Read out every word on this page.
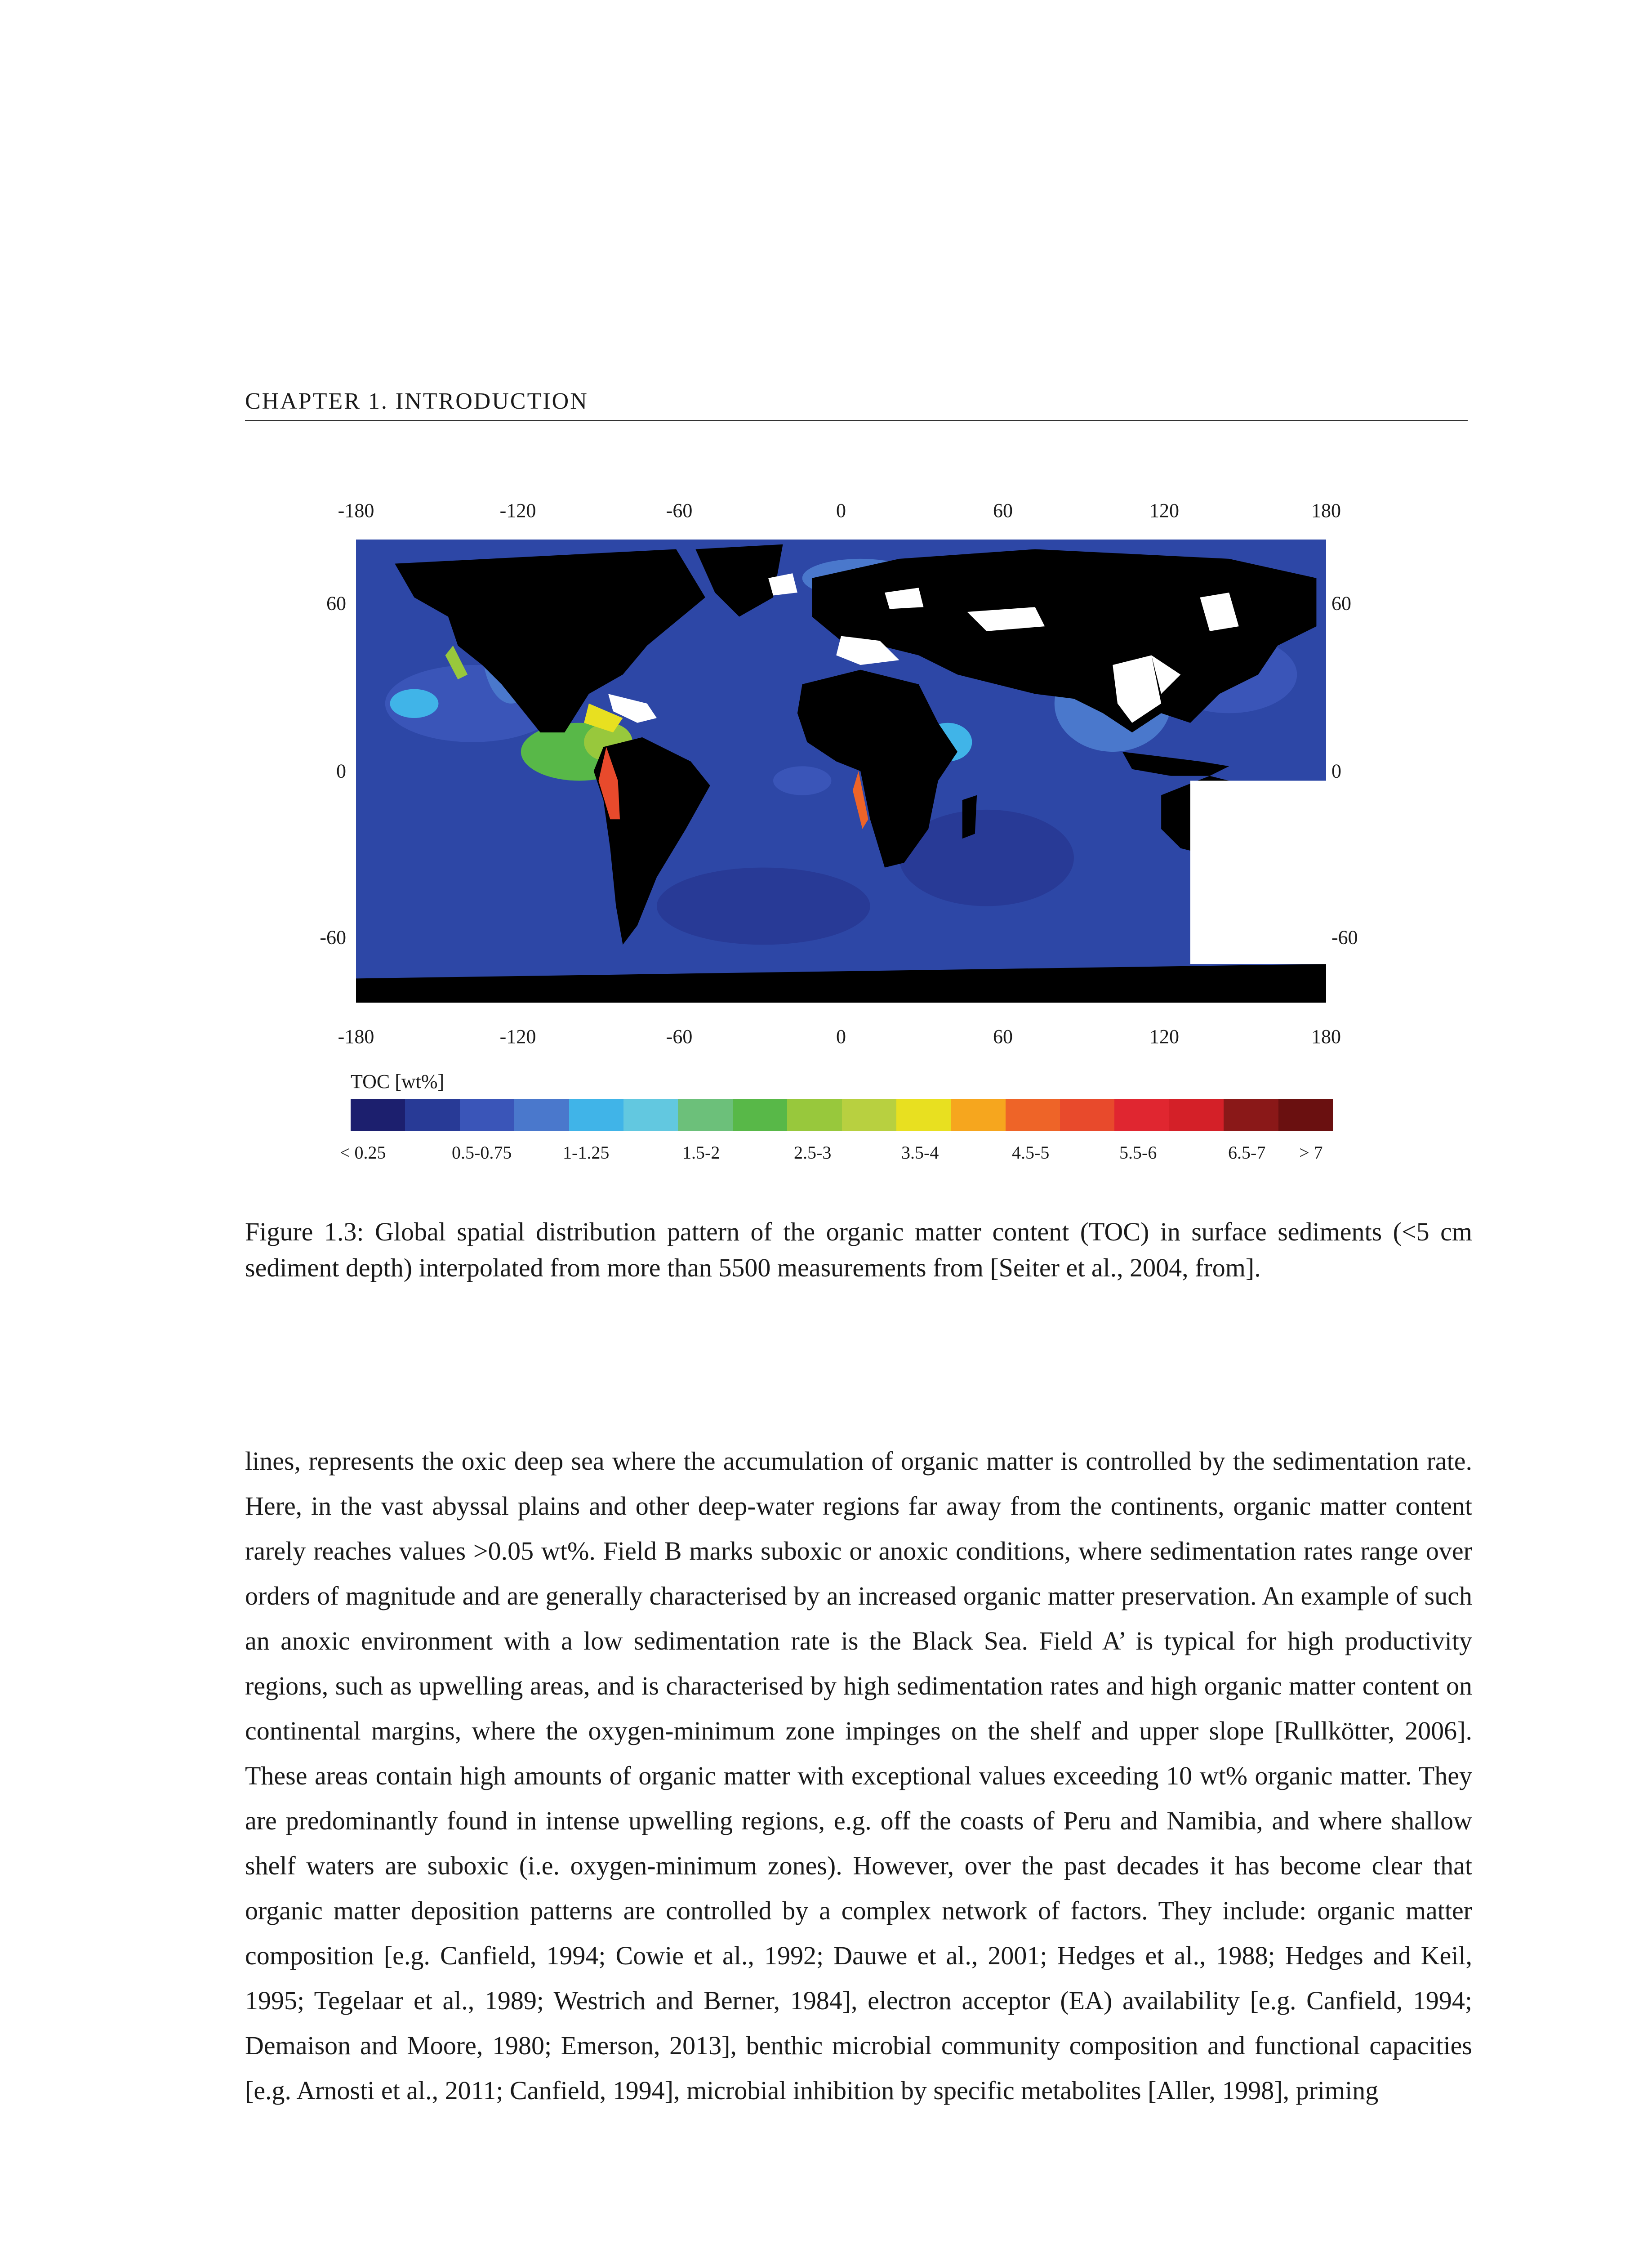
CHAPTER 1. INTRODUCTION
-180	-120	-60	0	60	120	180
60
0
-60
60
0
-60
-180	-120	-60	0	60	120	180
TOC [wt%]
< 0.25	0.5-0.75	1-1.25	1.5-2	2.5-3	3.5-4	4.5-5	5.5-6	6.5-7 > 7
Figure 1.3: Global spatial distribution pattern of the organic matter content (TOC) in surface sediments (<5 cm sediment depth) interpolated from more than 5500 measurements from [Seiter et al., 2004, from].
lines, represents the oxic deep sea where the accumulation of organic matter is controlled by the sedimentation rate. Here, in the vast abyssal plains and other deep-water regions far away from the continents, organic matter content rarely reaches values >0.05 wt%. Field B marks suboxic or anoxic conditions, where sedimentation rates range over orders of magnitude and are generally characterised by an increased organic matter preservation. An example of such an anoxic environment with a low sedimentation rate is the Black Sea. Field A’ is typical for high productivity regions, such as upwelling areas, and is characterised by high sedimentation rates and high organic matter content on continental margins, where the oxygen-minimum zone impinges on the shelf and upper slope [Rullkötter, 2006]. These areas contain high amounts of organic matter with exceptional values exceeding 10 wt% organic matter. They are predominantly found in intense upwelling regions, e.g. off the coasts of Peru and Namibia, and where shallow shelf waters are suboxic (i.e. oxygen-minimum zones). However, over the past decades it has become clear that organic matter deposition patterns are controlled by a complex network of factors. They include: organic matter composition [e.g. Canfield, 1994; Cowie et al., 1992; Dauwe et al., 2001; Hedges et al., 1988; Hedges and Keil, 1995; Tegelaar et al., 1989; Westrich and Berner, 1984], electron acceptor (EA) availability [e.g. Canfield, 1994; Demaison and Moore, 1980; Emerson, 2013], benthic microbial community composition and functional capacities [e.g. Arnosti et al., 2011; Canfield, 1994], microbial inhibition by specific metabolites [Aller, 1998], priming
